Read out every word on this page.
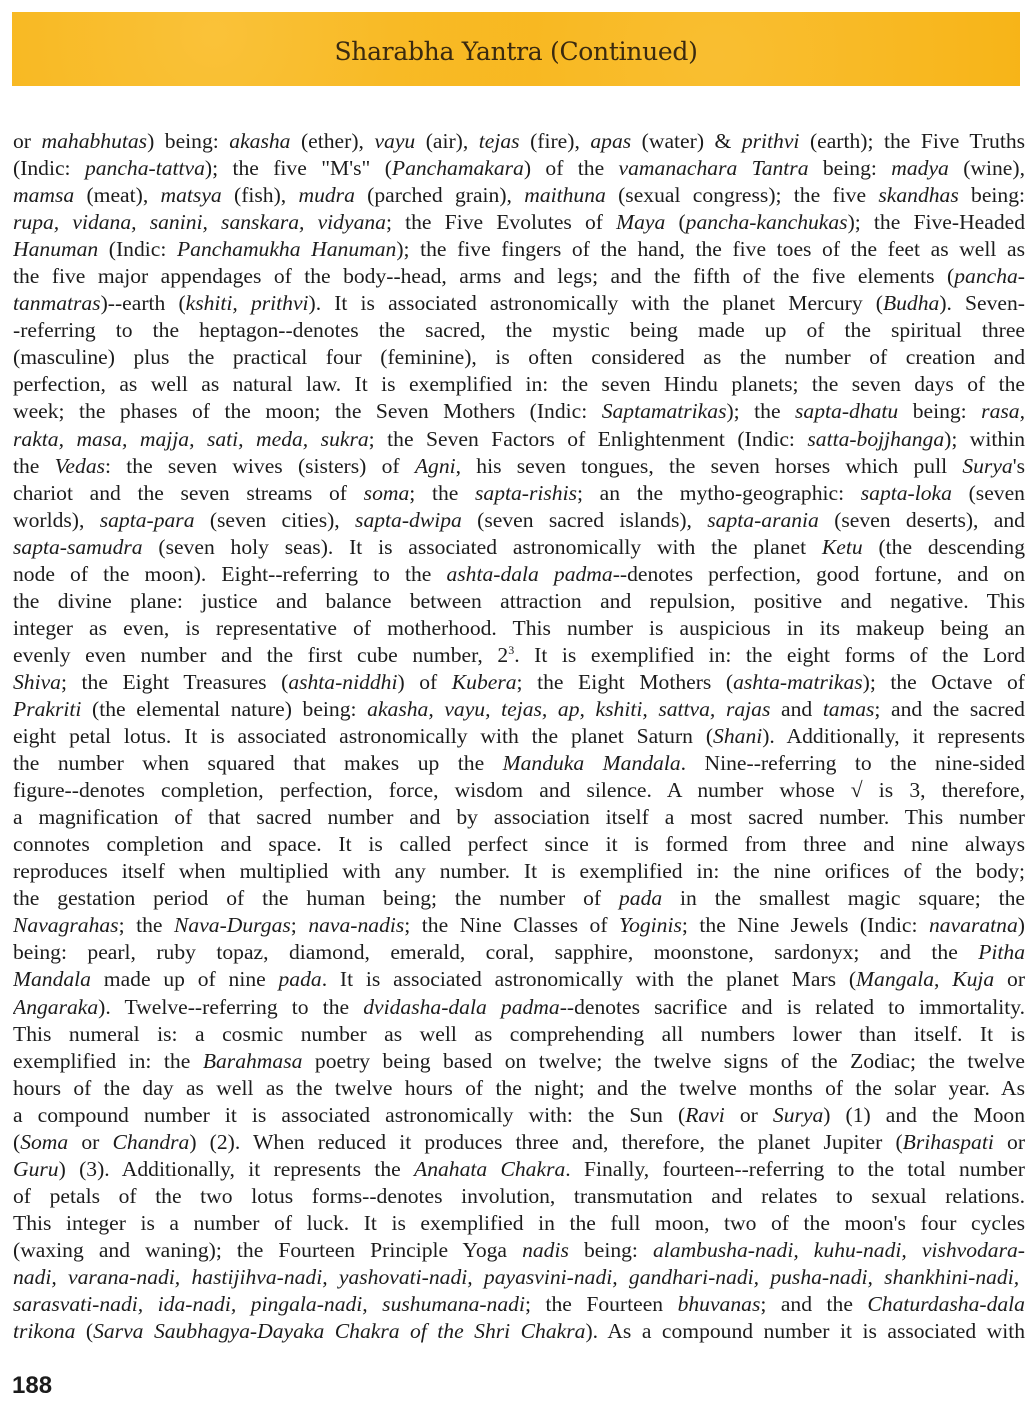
Sharabha Yantra (Continued)
or mahabhutas) being: akasha (ether), vayu (air), tejas (fire), apas (water) & prithvi (earth); the Five Truths
(Indic: pancha-tattva); the five "M's" (Panchamakara) of the vamanachara Tantra being: madya (wine),
mamsa (meat), matsya (fish), mudra (parched grain), maithuna (sexual congress); the five skandhas being:
rupa, vidana, sanini, sanskara, vidyana; the Five Evolutes of Maya (pancha-kanchukas); the Five-Headed
Hanuman (Indic: Panchamukha Hanuman); the five fingers of the hand, the five toes of the feet as well as
the five major appendages of the body--head, arms and legs; and the fifth of the five elements (pancha-
tanmatras)--earth (kshiti, prithvi). It is associated astronomically with the planet Mercury (Budha). Seven-
-referring to the heptagon--denotes the sacred, the mystic being made up of the spiritual three
(masculine) plus the practical four (feminine), is often considered as the number of creation and
perfection, as well as natural law. It is exemplified in: the seven Hindu planets; the seven days of the
week; the phases of the moon; the Seven Mothers (Indic: Saptamatrikas); the sapta-dhatu being: rasa,
rakta, masa, majja, sati, meda, sukra; the Seven Factors of Enlightenment (Indic: satta-bojjhanga); within
the Vedas: the seven wives (sisters) of Agni, his seven tongues, the seven horses which pull Surya's
chariot and the seven streams of soma; the sapta-rishis; an the mytho-geographic: sapta-loka (seven
worlds), sapta-para (seven cities), sapta-dwipa (seven sacred islands), sapta-arania (seven deserts), and
sapta-samudra (seven holy seas). It is associated astronomically with the planet Ketu (the descending
node of the moon). Eight--referring to the ashta-dala padma--denotes perfection, good fortune, and on
the divine plane: justice and balance between attraction and repulsion, positive and negative. This
integer as even, is representative of motherhood. This number is auspicious in its makeup being an
evenly even number and the first cube number, $2^3$. It is exemplified in: the eight forms of the Lord
Shiva; the Eight Treasures (ashta-niddhi) of Kubera; the Eight Mothers (ashta-matrikas); the Octave of
Prakriti (the elemental nature) being: akasha, vayu, tejas, ap, kshiti, sattva, rajas and tamas; and the sacred
eight petal lotus. It is associated astronomically with the planet Saturn (Shani). Additionally, it represents
the number when squared that makes up the Manduka Mandala. Nine--referring to the nine-sided
figure--denotes completion, perfection, force, wisdom and silence. A number whose √ is 3, therefore,
a magnification of that sacred number and by association itself a most sacred number. This number
connotes completion and space. It is called perfect since it is formed from three and nine always
reproduces itself when multiplied with any number. It is exemplified in: the nine orifices of the body;
the gestation period of the human being; the number of pada in the smallest magic square; the
Navagrahas; the Nava-Durgas; nava-nadis; the Nine Classes of Yoginis; the Nine Jewels (Indic: navaratna)
being: pearl, ruby topaz, diamond, emerald, coral, sapphire, moonstone, sardonyx; and the Pitha
Mandala made up of nine pada. It is associated astronomically with the planet Mars (Mangala, Kuja or
Angaraka). Twelve--referring to the dvidasha-dala padma--denotes sacrifice and is related to immortality.
This numeral is: a cosmic number as well as comprehending all numbers lower than itself. It is
exemplified in: the Barahmasa poetry being based on twelve; the twelve signs of the Zodiac; the twelve
hours of the day as well as the twelve hours of the night; and the twelve months of the solar year. As
a compound number it is associated astronomically with: the Sun (Ravi or Surya) (1) and the Moon
(Soma or Chandra) (2). When reduced it produces three and, therefore, the planet Jupiter (Brihaspati or
Guru) (3). Additionally, it represents the Anahata Chakra. Finally, fourteen--referring to the total number
of petals of the two lotus forms--denotes involution, transmutation and relates to sexual relations.
This integer is a number of luck. It is exemplified in the full moon, two of the moon's four cycles
(waxing and waning); the Fourteen Principle Yoga nadis being: alambusha-nadi, kuhu-nadi, vishvodara-
nadi, varana-nadi, hastijihva-nadi, yashovati-nadi, payasvini-nadi, gandhari-nadi, pusha-nadi, shankhini-nadi,
sarasvati-nadi, ida-nadi, pingala-nadi, sushumana-nadi; the Fourteen bhuvanas; and the Chaturdasha-dala
trikona (Sarva Saubhagya-Dayaka Chakra of the Shri Chakra). As a compound number it is associated with
188
